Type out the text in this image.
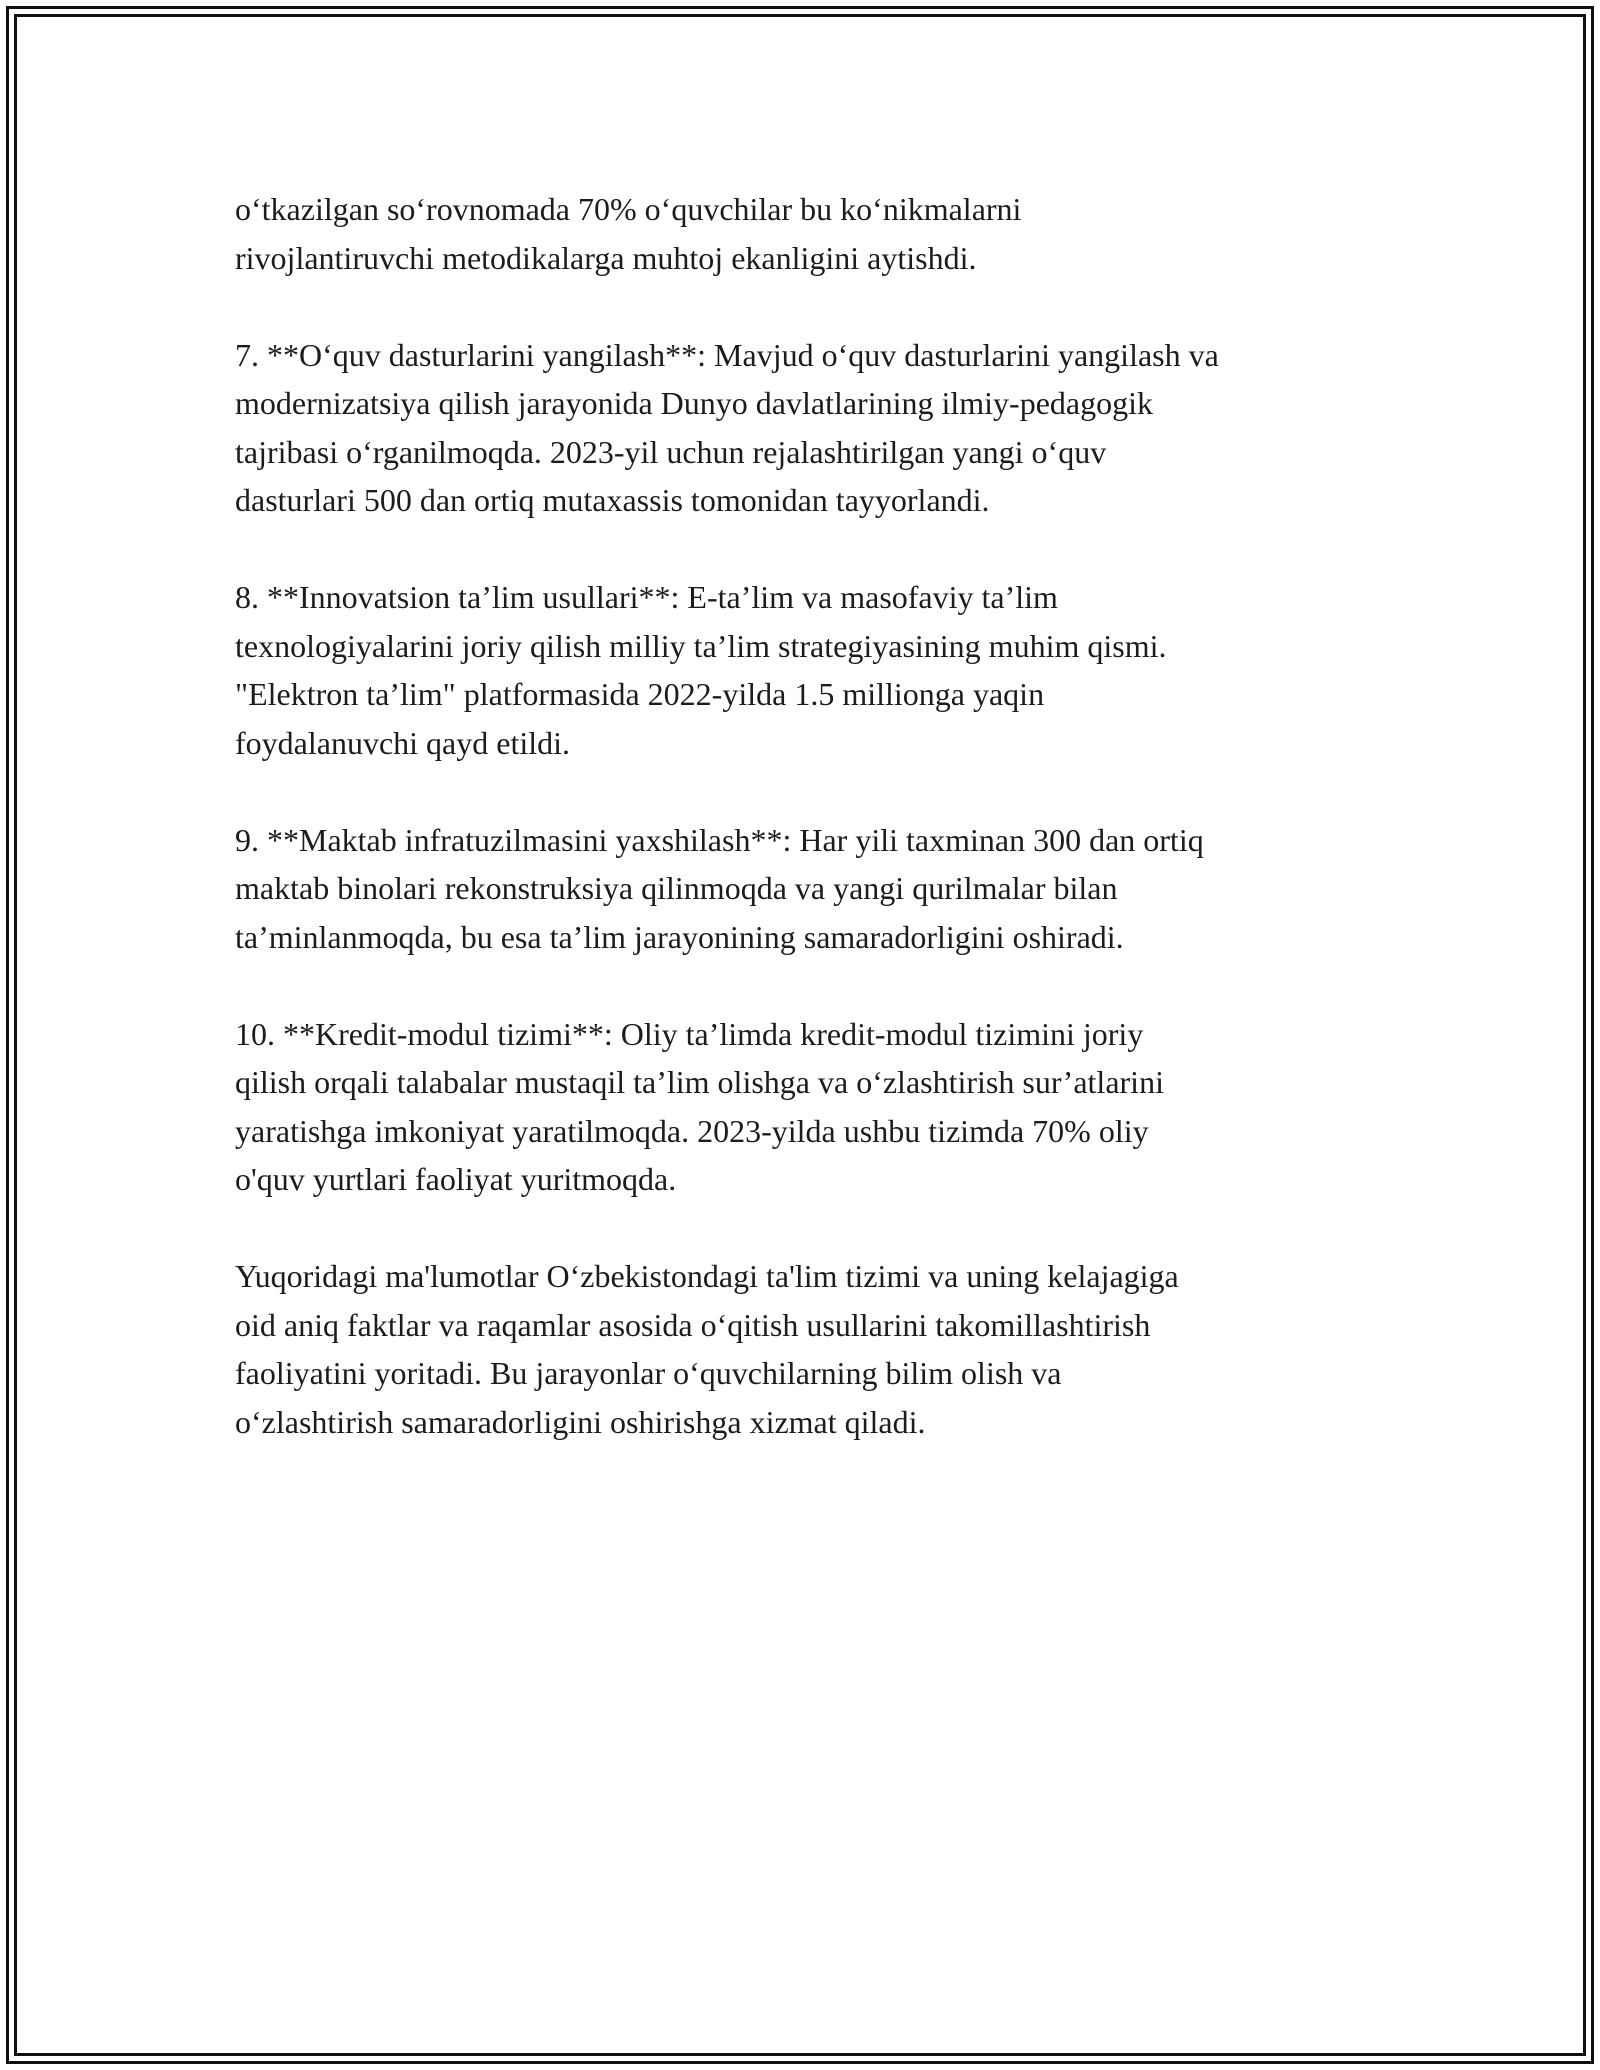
oʻtkazilgan soʻrovnomada 70% oʻquvchilar bu koʻnikmalarni
rivojlantiruvchi metodikalarga muhtoj ekanligini aytishdi.

7. **Oʻquv dasturlarini yangilash**: Mavjud oʻquv dasturlarini yangilash va
modernizatsiya qilish jarayonida Dunyo davlatlarining ilmiy-pedagogik
tajribasi oʻrganilmoqda. 2023-yil uchun rejalashtirilgan yangi oʻquv
dasturlari 500 dan ortiq mutaxassis tomonidan tayyorlandi.

8. **Innovatsion ta’lim usullari**: E-ta’lim va masofaviy ta’lim
texnologiyalarini joriy qilish milliy ta’lim strategiyasining muhim qismi.
"Elektron ta’lim" platformasida 2022-yilda 1.5 millionga yaqin
foydalanuvchi qayd etildi.

9. **Maktab infratuzilmasini yaxshilash**: Har yili taxminan 300 dan ortiq
maktab binolari rekonstruksiya qilinmoqda va yangi qurilmalar bilan
ta’minlanmoqda, bu esa ta’lim jarayonining samaradorligini oshiradi.

10. **Kredit-modul tizimi**: Oliy ta’limda kredit-modul tizimini joriy
qilish orqali talabalar mustaqil ta’lim olishga va oʻzlashtirish sur’atlarini
yaratishga imkoniyat yaratilmoqda. 2023-yilda ushbu tizimda 70% oliy
o'quv yurtlari faoliyat yuritmoqda.

Yuqoridagi ma'lumotlar Oʻzbekistondagi ta'lim tizimi va uning kelajagiga
oid aniq faktlar va raqamlar asosida oʻqitish usullarini takomillashtirish
faoliyatini yoritadi. Bu jarayonlar oʻquvchilarning bilim olish va
oʻzlashtirish samaradorligini oshirishga xizmat qiladi.
